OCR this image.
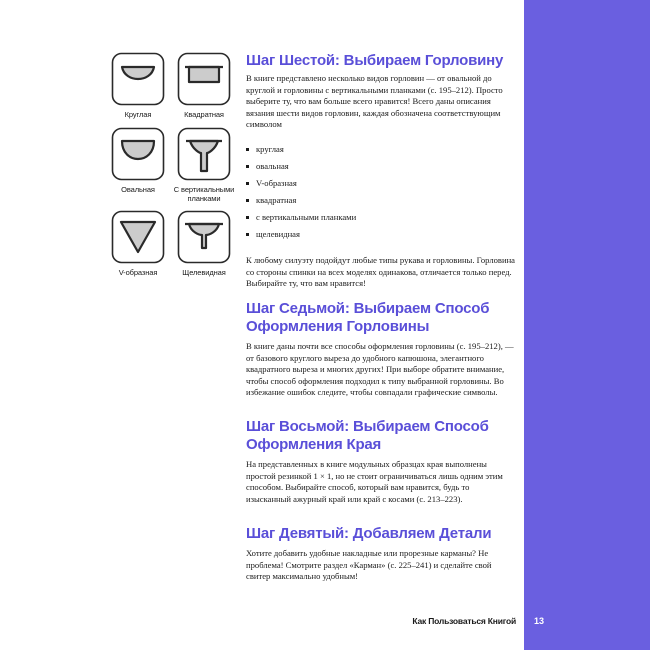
Как Пользоваться Книгой	13
Круглая	Квадратная
Овальная	С вертикальными планками
V-образная	Щелевидная
Шаг Шестой: Выбираем Горловину

В книге представлено несколько видов горловин — от овальной до круглой и горловины с вертикальными планками (с. 195–212). Просто выберите ту, что вам больше всего нравится! Всего даны описания вязания шести видов горловин, каждая обозначена соответствующим символом

круглая
овальная
V-образная
квадратная
с вертикальными планками
щелевидная

К любому силуэту подойдут любые типы рукава и горловины. Горловина со стороны спинки на всех моделях одинакова, отличается только перед. Выбирайте ту, что вам нравится!

Шаг Седьмой: Выбираем Способ Оформления Горловины

В книге даны почти все способы оформления горловины (с. 195–212), — от базового круглого выреза до удобного капюшона, элегантного квадратного выреза и многих других! При выборе обратите внимание, чтобы способ оформления подходил к типу выбранной горловины. Во избежание ошибок следите, чтобы совпадали графические символы.

Шаг Восьмой: Выбираем Способ Оформления Края

На представленных в книге модульных образцах края выполнены простой резинкой 1 × 1, но не стоит ограничиваться лишь одним этим способом. Выбирайте способ, который вам нравится, будь то изысканный ажурный край или край с косами (с. 213–223).

Шаг Девятый: Добавляем Детали

Хотите добавить удобные накладные или прорезные карманы? Не проблема! Смотрите раздел «Карман» (с. 225–241) и сделайте свой свитер максимально удобным!
